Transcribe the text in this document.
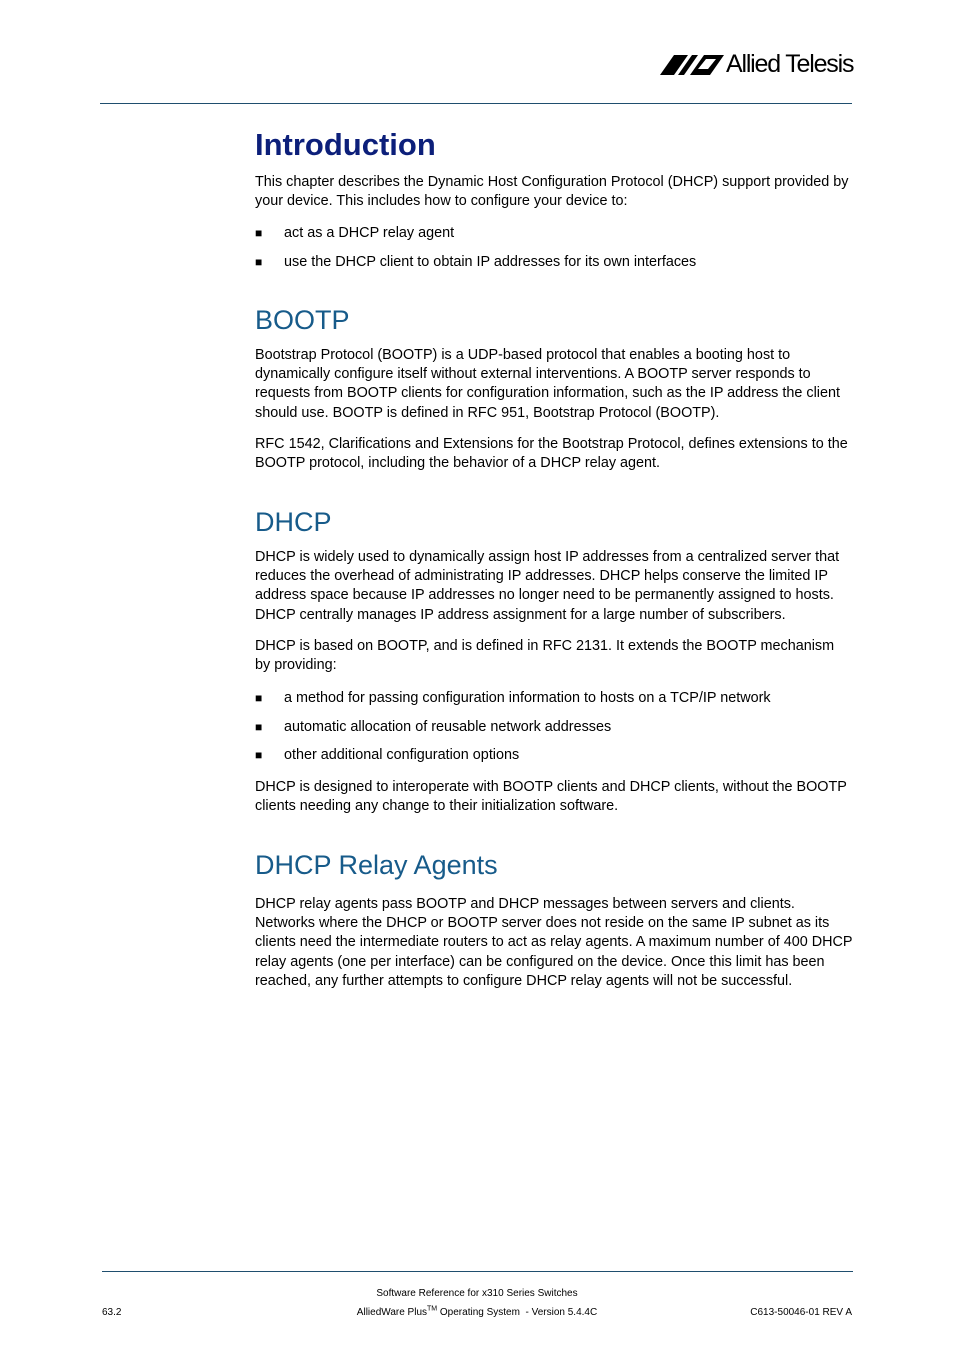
Allied Telesis
Introduction

This chapter describes the Dynamic Host Configuration Protocol (DHCP) support provided by your device. This includes how to configure your device to:

■ act as a DHCP relay agent
■ use the DHCP client to obtain IP addresses for its own interfaces
BOOTP

Bootstrap Protocol (BOOTP) is a UDP-based protocol that enables a booting host to dynamically configure itself without external interventions. A BOOTP server responds to requests from BOOTP clients for configuration information, such as the IP address the client should use. BOOTP is defined in RFC 951, Bootstrap Protocol (BOOTP).

RFC 1542, Clarifications and Extensions for the Bootstrap Protocol, defines extensions to the BOOTP protocol, including the behavior of a DHCP relay agent.

DHCP

DHCP is widely used to dynamically assign host IP addresses from a centralized server that reduces the overhead of administrating IP addresses. DHCP helps conserve the limited IP address space because IP addresses no longer need to be permanently assigned to hosts. DHCP centrally manages IP address assignment for a large number of subscribers.

DHCP is based on BOOTP, and is defined in RFC 2131. It extends the BOOTP mechanism by providing:

■ a method for passing configuration information to hosts on a TCP/IP network
■ automatic allocation of reusable network addresses
■ other additional configuration options

DHCP is designed to interoperate with BOOTP clients and DHCP clients, without the BOOTP clients needing any change to their initialization software.

DHCP Relay Agents

DHCP relay agents pass BOOTP and DHCP messages between servers and clients. Networks where the DHCP or BOOTP server does not reside on the same IP subnet as its clients need the intermediate routers to act as relay agents. A maximum number of 400 DHCP relay agents (one per interface) can be configured on the device. Once this limit has been reached, any further attempts to configure DHCP relay agents will not be successful.

Software Reference for x310 Series Switches
AlliedWare Plus™ Operating System  - Version 5.4.4C
63.2	C613-50046-01 REV A
